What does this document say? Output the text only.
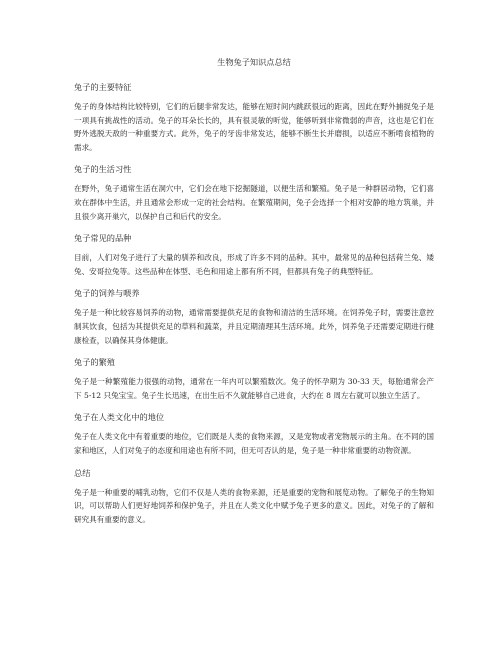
生物兔子知识点总结
兔子的主要特征

兔子的身体结构比较特别，它们的后腿非常发达，能够在短时间内跳跃很远的距离，因此在野外捕捉兔子是一项具有挑战性的活动。兔子的耳朵长长的，具有很灵敏的听觉，能够听到非常微弱的声音，这也是它们在野外逃脱天敌的一种重要方式。此外，兔子的牙齿非常发达，能够不断生长并磨损，以适应不断啃食植物的需求。

兔子的生活习性

在野外，兔子通常生活在洞穴中，它们会在地下挖掘隧道，以便生活和繁殖。兔子是一种群居动物，它们喜欢在群体中生活，并且通常会形成一定的社会结构。在繁殖期间，兔子会选择一个相对安静的地方筑巢，并且很少离开巢穴，以保护自己和后代的安全。

兔子常见的品种

目前，人们对兔子进行了大量的驯养和改良，形成了许多不同的品种。其中，最常见的品种包括荷兰兔、矮兔、安哥拉兔等。这些品种在体型、毛色和用途上都有所不同，但都具有兔子的典型特征。

兔子的饲养与喂养

兔子是一种比较容易饲养的动物，通常需要提供充足的食物和清洁的生活环境。在饲养兔子时，需要注意控制其饮食，包括为其提供充足的草料和蔬菜，并且定期清理其生活环境。此外，饲养兔子还需要定期进行健康检查，以确保其身体健康。

兔子的繁殖

兔子是一种繁殖能力很强的动物，通常在一年内可以繁殖数次。兔子的怀孕期为 30-33 天，每胎通常会产下 5-12 只兔宝宝。兔子生长迅速，在出生后不久就能够自己进食，大约在 8 周左右就可以独立生活了。

兔子在人类文化中的地位

兔子在人类文化中有着重要的地位，它们既是人类的食物来源，又是宠物或者宠物展示的主角。在不同的国家和地区，人们对兔子的态度和用途也有所不同，但无可否认的是，兔子是一种非常重要的动物资源。

总结

兔子是一种重要的哺乳动物，它们不仅是人类的食物来源，还是重要的宠物和展览动物。了解兔子的生物知识，可以帮助人们更好地饲养和保护兔子，并且在人类文化中赋予兔子更多的意义。因此，对兔子的了解和研究具有重要的意义。
